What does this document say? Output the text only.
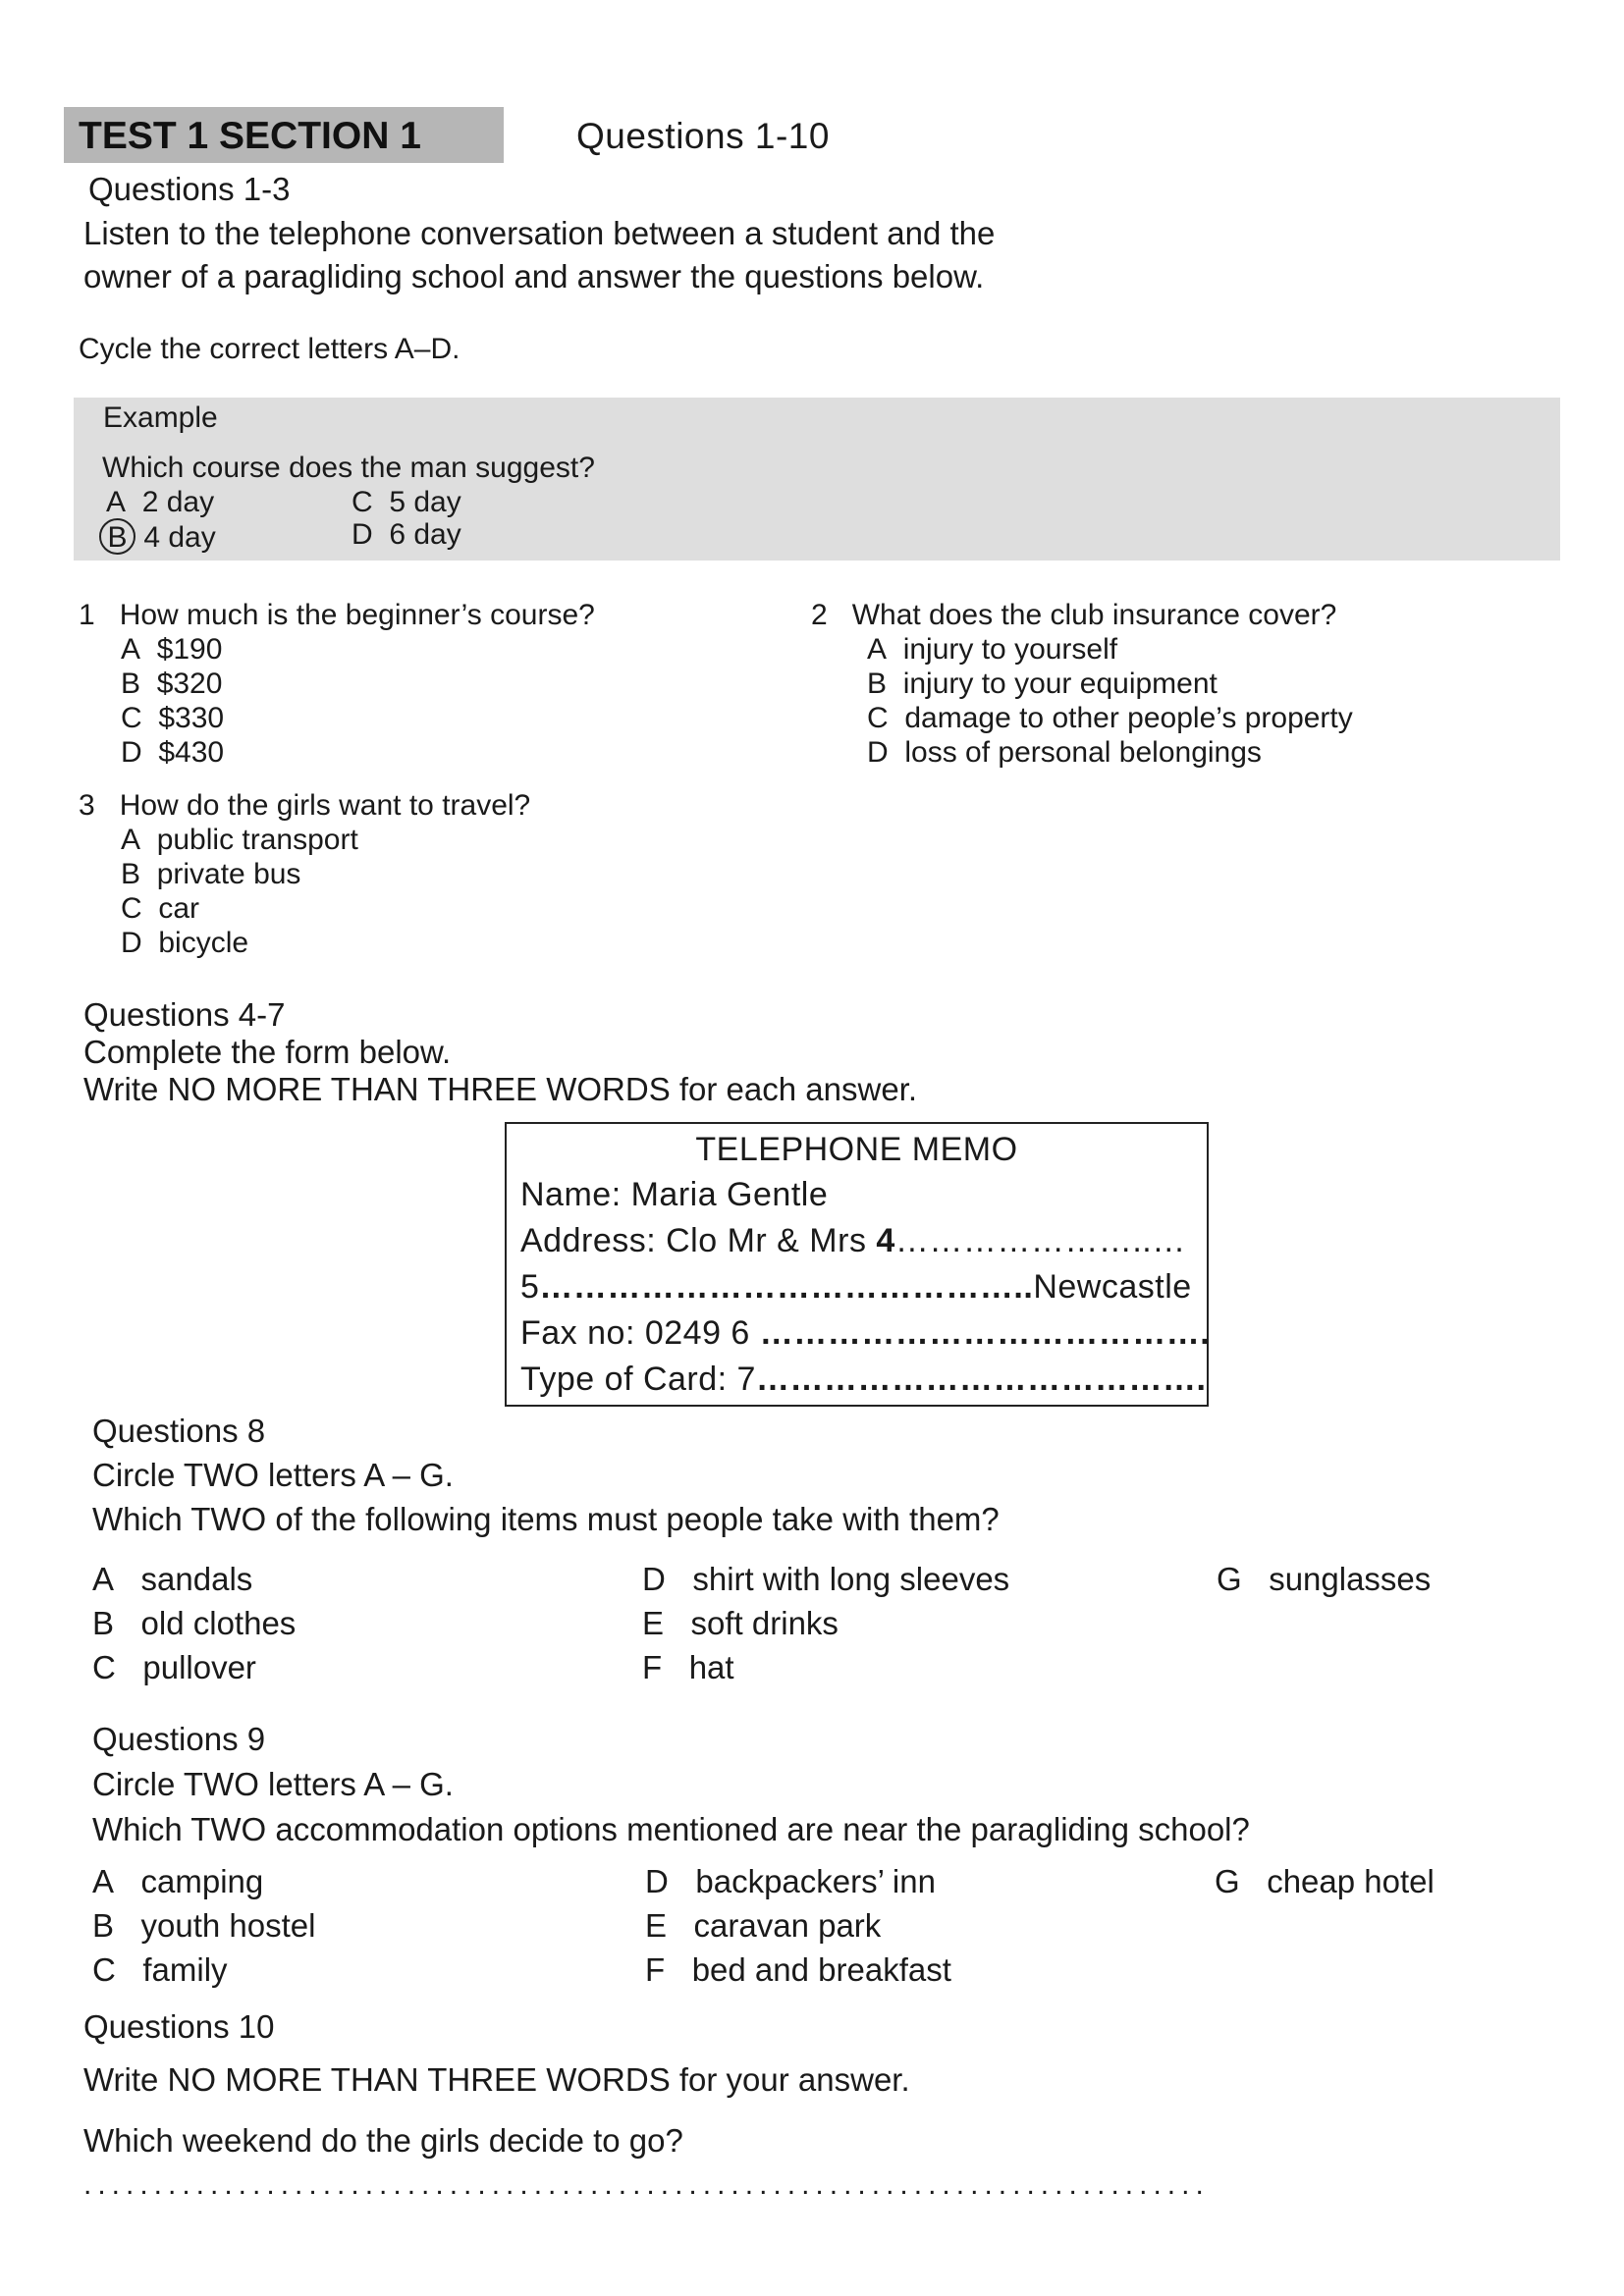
TEST 1 SECTION 1	Questions 1-10
Questions 1-3
Listen to the telephone conversation between a student and the
owner of a paragliding school and answer the questions below.
Cycle the correct letters A–D.
Example
Which course does the man suggest?
A 2 day
B 4 day
C 5 day
D 6 day
1 How much is the beginner’s course?
A $190
B $320
C $330
D $430
2 What does the club insurance cover?
A injury to yourself
B injury to your equipment
C damage to other people’s property
D loss of personal belongings
3 How do the girls want to travel?
A public transport
B private bus
C car
D bicycle
Questions 4-7
Complete the form below.
Write NO MORE THAN THREE WORDS for each answer.
TELEPHONE MEMO
Name: Maria Gentle
Address: Clo Mr & Mrs 4…………………..…
5……………………………………..Newcastle
Fax no: 0249 6 ………………………………….
Type of Card: 7………………………………….
Questions 8
Circle TWO letters A – G.
Which TWO of the following items must people take with them?
A sandals
B old clothes
C pullover
D shirt with long sleeves
E soft drinks
F hat
G sunglasses
Questions 9
Circle TWO letters A – G.
Which TWO accommodation options mentioned are near the paragliding school?
A camping
B youth hostel
C family
D backpackers’ inn
E caravan park
F bed and breakfast
G cheap hotel
Questions 10
Write NO MORE THAN THREE WORDS for your answer.
Which weekend do the girls decide to go?
................................................................................
